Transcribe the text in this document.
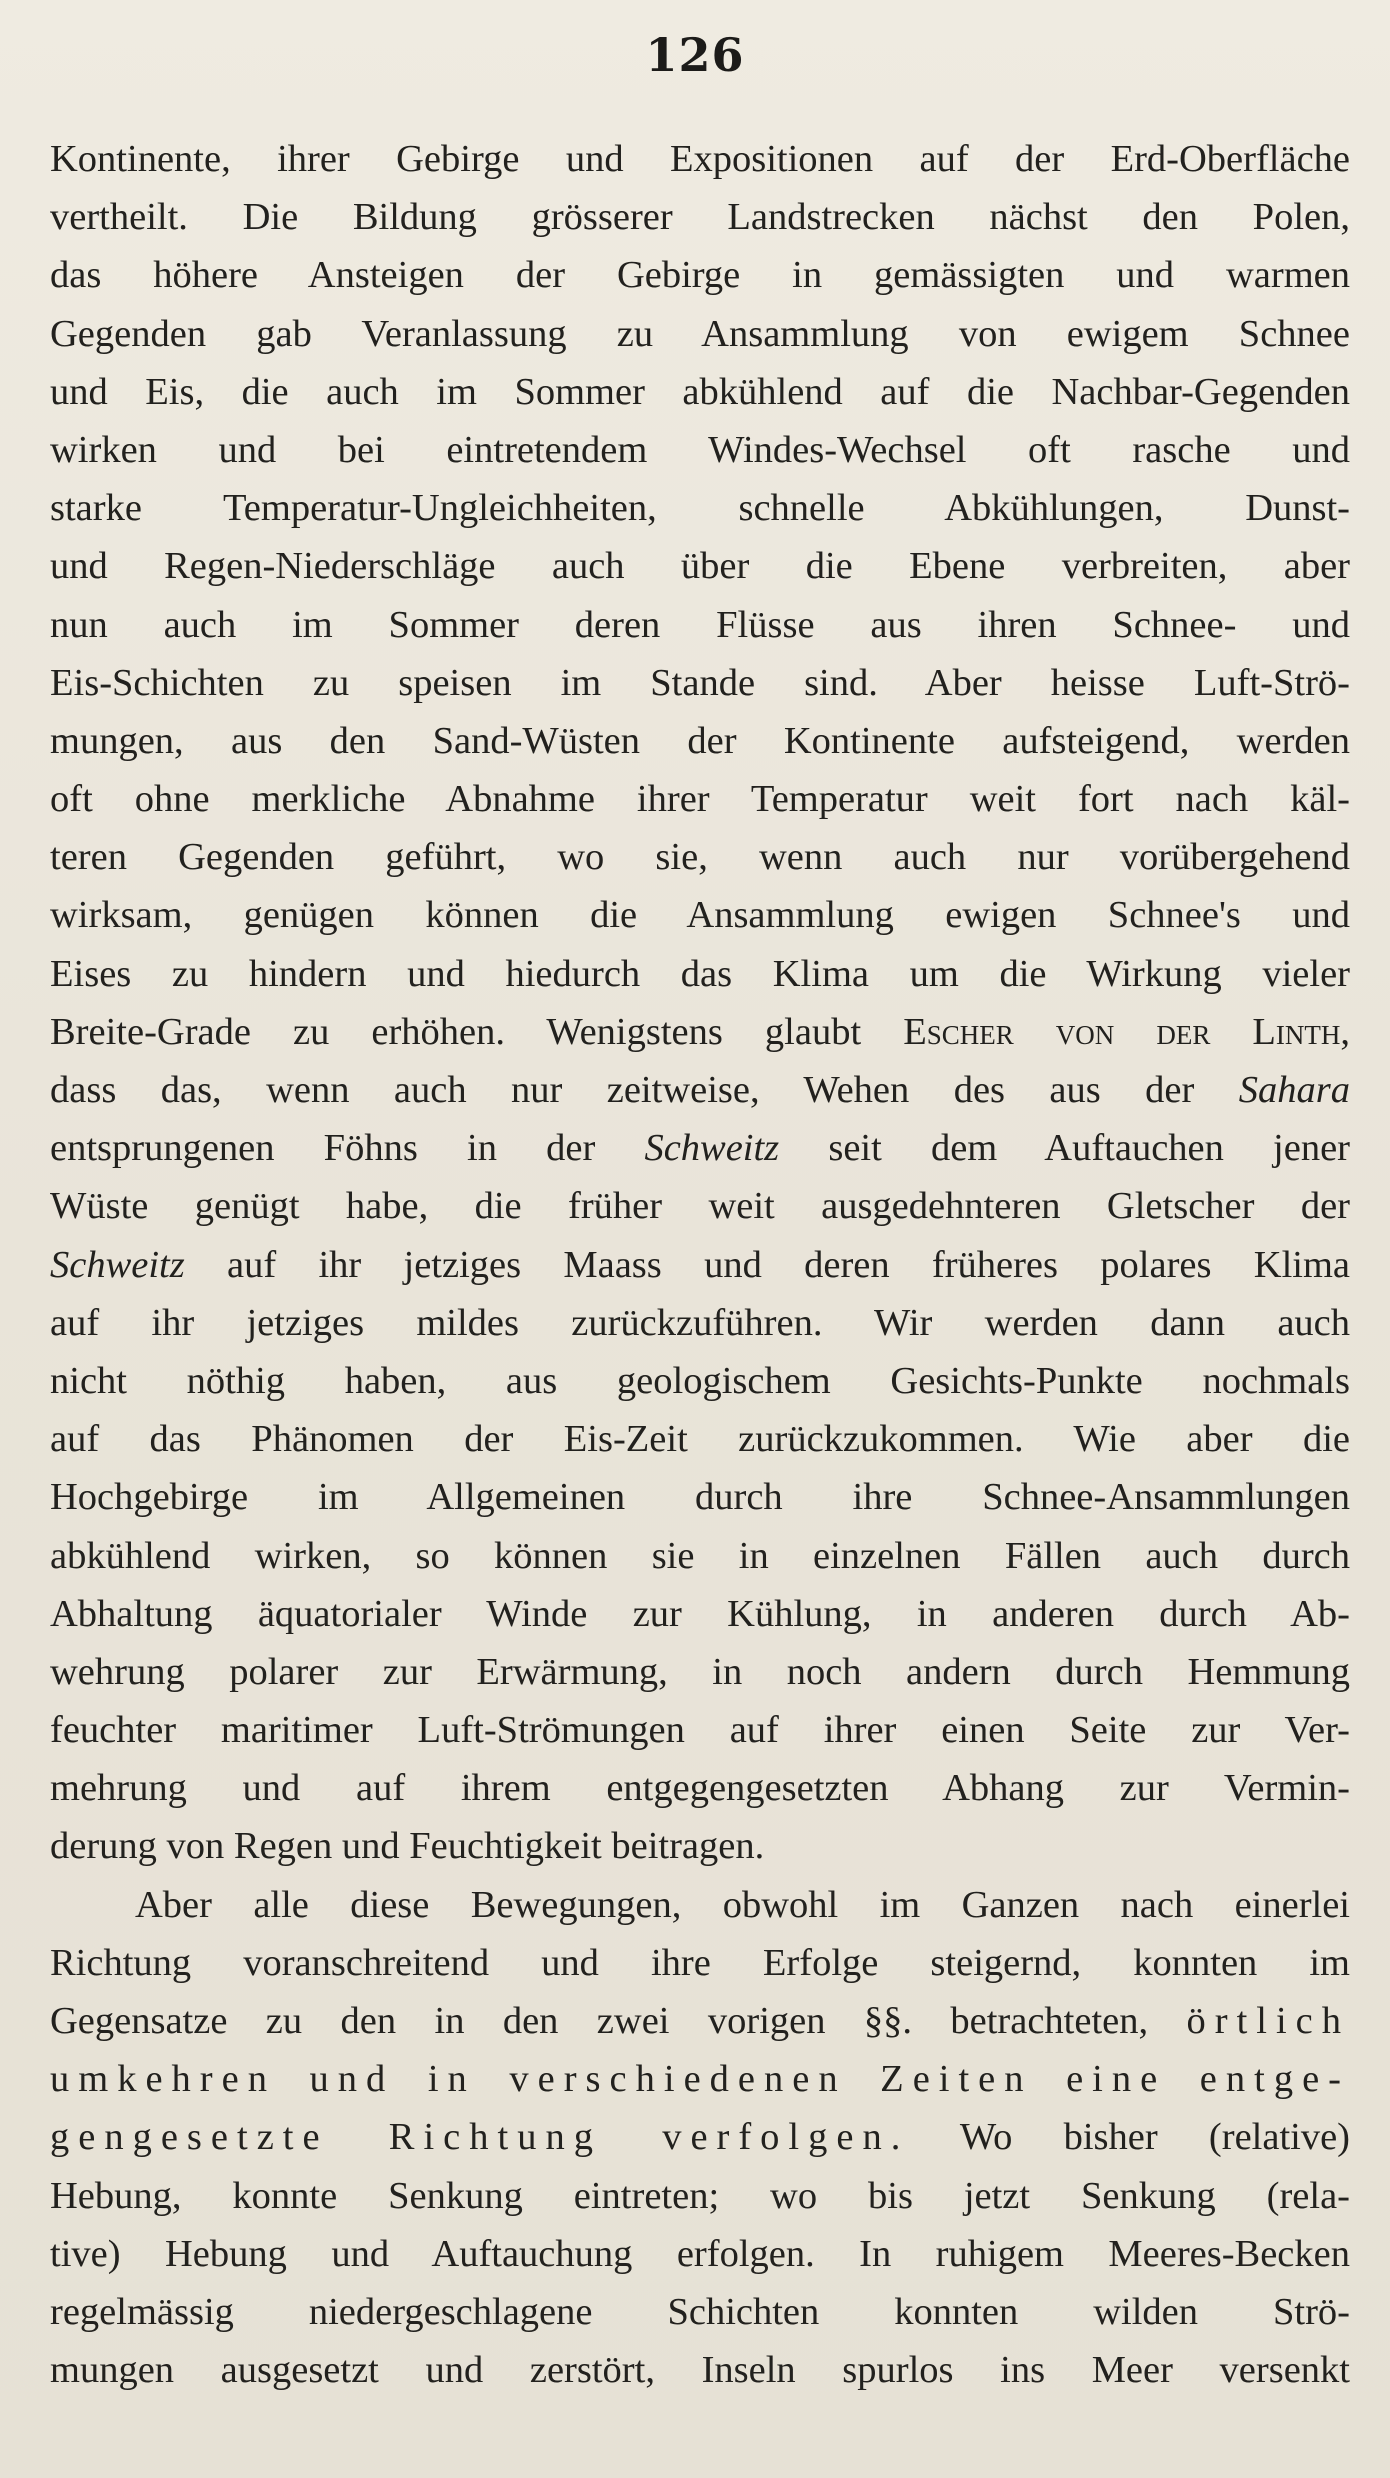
126
Kontinente, ihrer Gebirge und Expositionen auf der Erd-Oberfläche
vertheilt. Die Bildung grösserer Landstrecken nächst den Polen,
das höhere Ansteigen der Gebirge in gemässigten und warmen
Gegenden gab Veranlassung zu Ansammlung von ewigem Schnee
und Eis, die auch im Sommer abkühlend auf die Nachbar-Gegenden
wirken und bei eintretendem Windes-Wechsel oft rasche und
starke Temperatur-Ungleichheiten, schnelle Abkühlungen, Dunst-
und Regen-Niederschläge auch über die Ebene verbreiten, aber
nun auch im Sommer deren Flüsse aus ihren Schnee- und
Eis-Schichten zu speisen im Stande sind. Aber heisse Luft-Strö-
mungen, aus den Sand-Wüsten der Kontinente aufsteigend, werden
oft ohne merkliche Abnahme ihrer Temperatur weit fort nach käl-
teren Gegenden geführt, wo sie, wenn auch nur vorübergehend
wirksam, genügen können die Ansammlung ewigen Schnee's und
Eises zu hindern und hiedurch das Klima um die Wirkung vieler
Breite-Grade zu erhöhen. Wenigstens glaubt Escher von der Linth,
dass das, wenn auch nur zeitweise, Wehen des aus der Sahara
entsprungenen Föhns in der Schweitz seit dem Auftauchen jener
Wüste genügt habe, die früher weit ausgedehnteren Gletscher der
Schweitz auf ihr jetziges Maass und deren früheres polares Klima
auf ihr jetziges mildes zurückzuführen. Wir werden dann auch
nicht nöthig haben, aus geologischem Gesichts-Punkte nochmals
auf das Phänomen der Eis-Zeit zurückzukommen. Wie aber die
Hochgebirge im Allgemeinen durch ihre Schnee-Ansammlungen
abkühlend wirken, so können sie in einzelnen Fällen auch durch
Abhaltung äquatorialer Winde zur Kühlung, in anderen durch Ab-
wehrung polarer zur Erwärmung, in noch andern durch Hemmung
feuchter maritimer Luft-Strömungen auf ihrer einen Seite zur Ver-
mehrung und auf ihrem entgegengesetzten Abhang zur Vermin-
derung von Regen und Feuchtigkeit beitragen.
Aber alle diese Bewegungen, obwohl im Ganzen nach einerlei
Richtung voranschreitend und ihre Erfolge steigernd, konnten im
Gegensatze zu den in den zwei vorigen §§. betrachteten, örtlich
umkehren und in verschiedenen Zeiten eine entge-
gengesetzte Richtung verfolgen. Wo bisher (relative)
Hebung, konnte Senkung eintreten; wo bis jetzt Senkung (rela-
tive) Hebung und Auftauchung erfolgen. In ruhigem Meeres-Becken
regelmässig niedergeschlagene Schichten konnten wilden Strö-
mungen ausgesetzt und zerstört, Inseln spurlos ins Meer versenkt
